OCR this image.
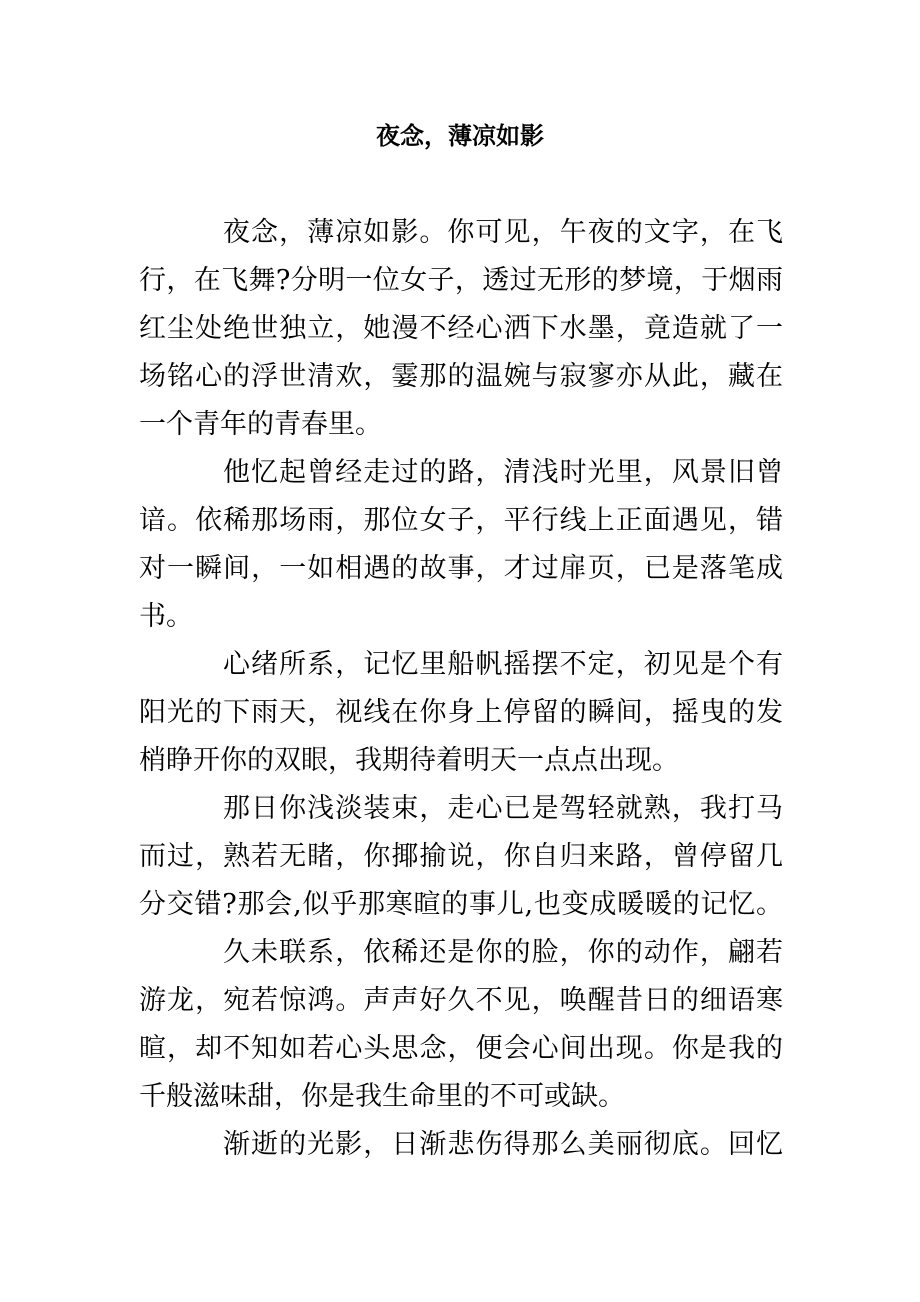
夜念，薄凉如影

夜念，薄凉如影。你可见，午夜的文字，在飞
行，在飞舞?分明一位女子，透过无形的梦境，于烟雨
红尘处绝世独立，她漫不经心洒下水墨，竟造就了一
场铭心的浮世清欢，霎那的温婉与寂寥亦从此，藏在
一个青年的青春里。

他忆起曾经走过的路，清浅时光里，风景旧曾
谙。依稀那场雨，那位女子，平行线上正面遇见，错
对一瞬间，一如相遇的故事，才过扉页，已是落笔成
书。

心绪所系，记忆里船帆摇摆不定，初见是个有
阳光的下雨天，视线在你身上停留的瞬间，摇曳的发
梢睁开你的双眼，我期待着明天一点点出现。

那日你浅淡装束，走心已是驾轻就熟，我打马
而过，熟若无睹，你揶揄说，你自归来路，曾停留几
分交错?那会,似乎那寒暄的事儿,也变成暖暖的记忆。

久未联系，依稀还是你的脸，你的动作，翩若
游龙，宛若惊鸿。声声好久不见，唤醒昔日的细语寒
暄，却不知如若心头思念，便会心间出现。你是我的
千般滋味甜，你是我生命里的不可或缺。

渐逝的光影，日渐悲伤得那么美丽彻底。回忆
